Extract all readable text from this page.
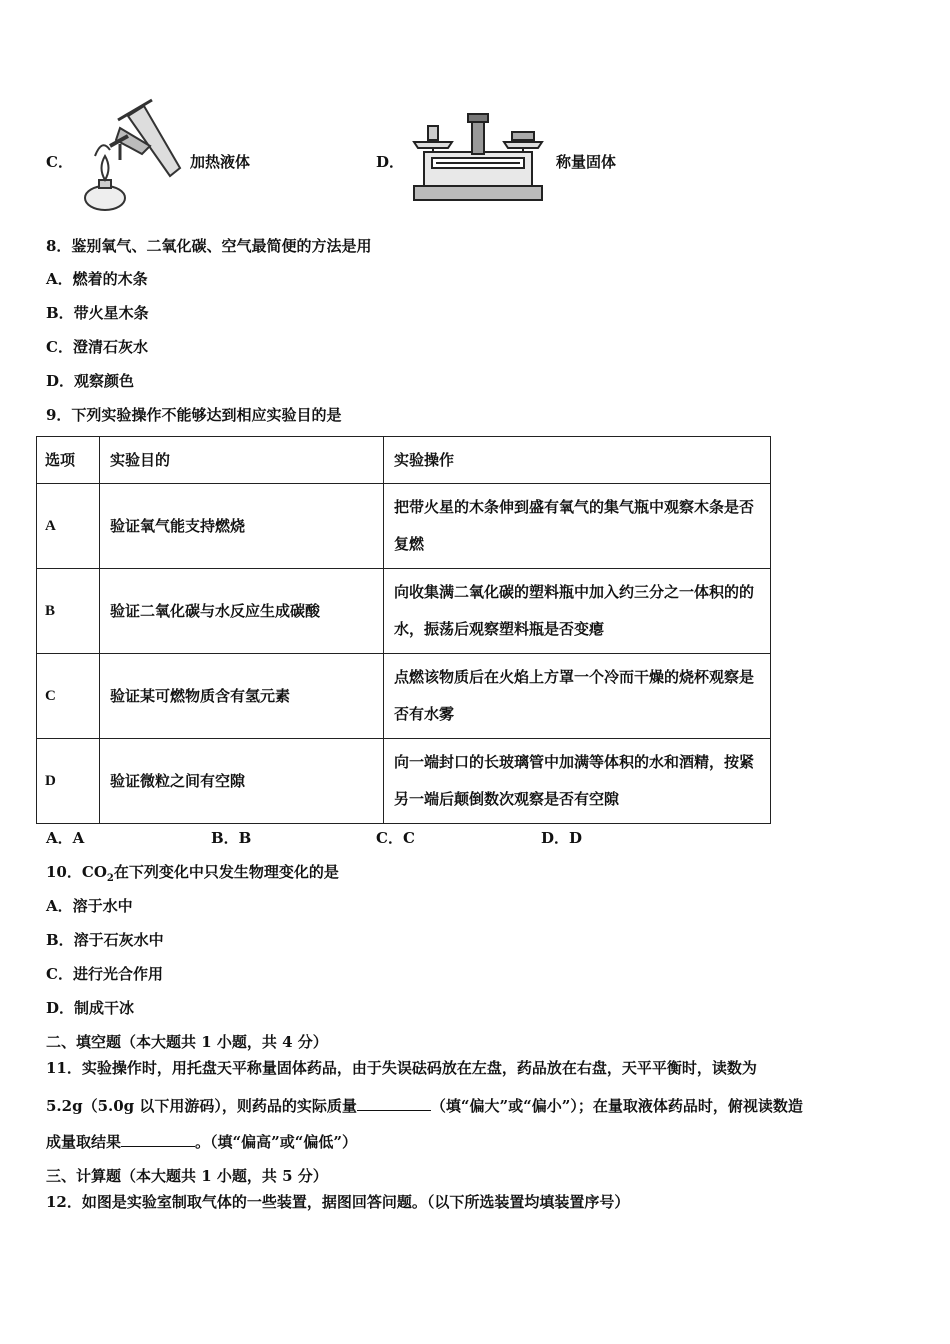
C．	加热液体	D．	称量固体
8．鉴别氧气、二氧化碳、空气最简便的方法是用
A．燃着的木条
B．带火星木条
C．澄清石灰水
D．观察颜色
9．下列实验操作不能够达到相应实验目的是
选项	实验目的	实验操作
A	验证氧气能支持燃烧	把带火星的木条伸到盛有氧气的集气瓶中观察木条是否复燃
B	验证二氧化碳与水反应生成碳酸	向收集满二氧化碳的塑料瓶中加入约三分之一体积的的水，振荡后观察塑料瓶是否变瘪
C	验证某可燃物质含有氢元素	点燃该物质后在火焰上方罩一个冷而干燥的烧杯观察是否有水雾
D	验证微粒之间有空隙	向一端封口的长玻璃管中加满等体积的水和酒精，按紧另一端后颠倒数次观察是否有空隙
A．A	B．B	C．C	D．D
10．$CO_2$在下列变化中只发生物理变化的是
A．溶于水中
B．溶于石灰水中
C．进行光合作用
D．制成干冰
二、填空题（本大题共 1 小题，共 4 分）
11．实验操作时，用托盘天平称量固体药品，由于失误砝码放在左盘，药品放在右盘，天平平衡时，读数为
5.2g（5.0g 以下用游码），则药品的实际质量	（填“偏大”或“偏小”）；在量取液体药品时，俯视读数造
成量取结果	。（填“偏高”或“偏低”）
三、计算题（本大题共 1 小题，共 5 分）
12．如图是实验室制取气体的一些装置，据图回答问题。（以下所选装置均填装置序号）
